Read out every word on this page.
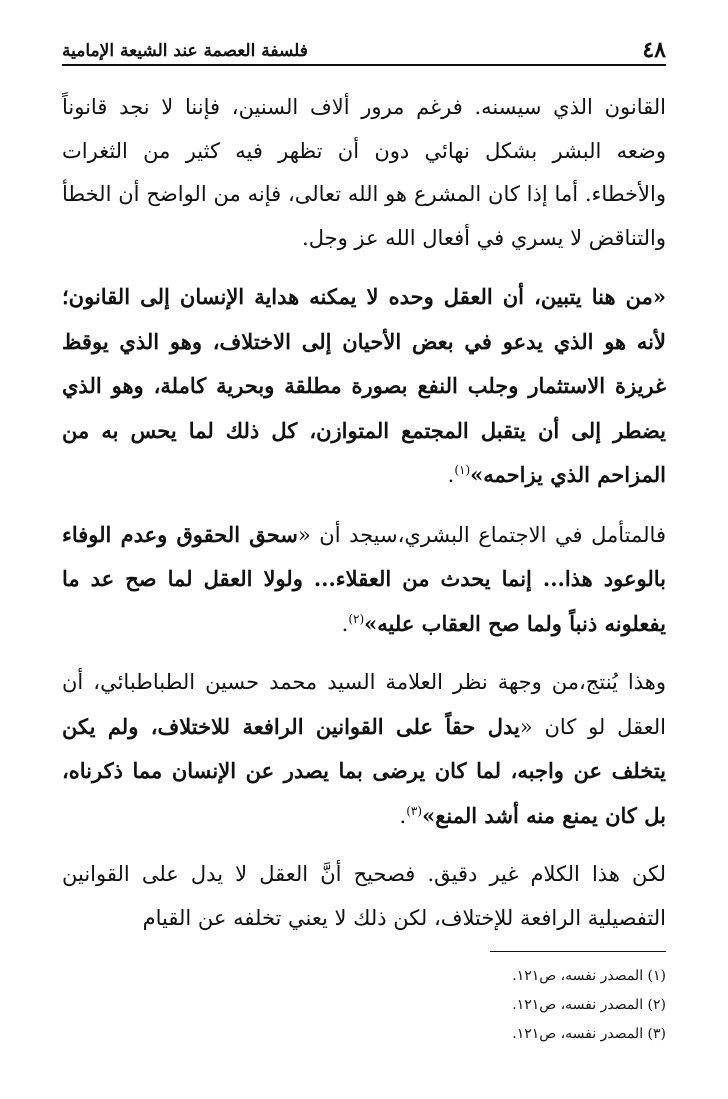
٤٨
فلسفة العصمة عند الشيعة الإمامية

القانون الذي سيسنه. فرغم مرور ألاف السنين، فإننا لا نجد قانوناً وضعه البشر بشكل نهائي دون أن تظهر فيه كثير من الثغرات والأخطاء. أما إذا كان المشرع هو الله تعالى، فإنه من الواضح أن الخطأ والتناقض لا يسري في أفعال الله عز وجل.

«من هنا يتبين، أن العقل وحده لا يمكنه هداية الإنسان إلى القانون؛ لأنه هو الذي يدعو في بعض الأحيان إلى الاختلاف، وهو الذي يوقظ غريزة الاستثمار وجلب النفع بصورة مطلقة وبحرية كاملة، وهو الذي يضطر إلى أن يتقبل المجتمع المتوازن، كل ذلك لما يحس به من المزاحم الذي يزاحمه»$^{(١)}$.

فالمتأمل في الاجتماع البشري،سيجد أن «سحق الحقوق وعدم الوفاء بالوعود هذا... إنما يحدث من العقلاء... ولولا العقل لما صح عد ما يفعلونه ذنباً ولما صح العقاب عليه»$^{(٢)}$.

وهذا يُنتج،من وجهة نظر العلامة السيد محمد حسين الطباطبائي، أن العقل لو كان «يدل حقاً على القوانين الرافعة للاختلاف، ولم يكن يتخلف عن واجبه، لما كان يرضى بما يصدر عن الإنسان مما ذكرناه، بل كان يمنع منه أشد المنع»$^{(٣)}$.

لكن هذا الكلام غير دقيق. فصحيح أنَّ العقل لا يدل على القوانين التفصيلية الرافعة للإختلاف، لكن ذلك لا يعني تخلفه عن القيام

(١) المصدر نفسه، ص١٢١.

(٢) المصدر نفسه، ص١٢١.

(٣) المصدر نفسه، ص١٢١.
